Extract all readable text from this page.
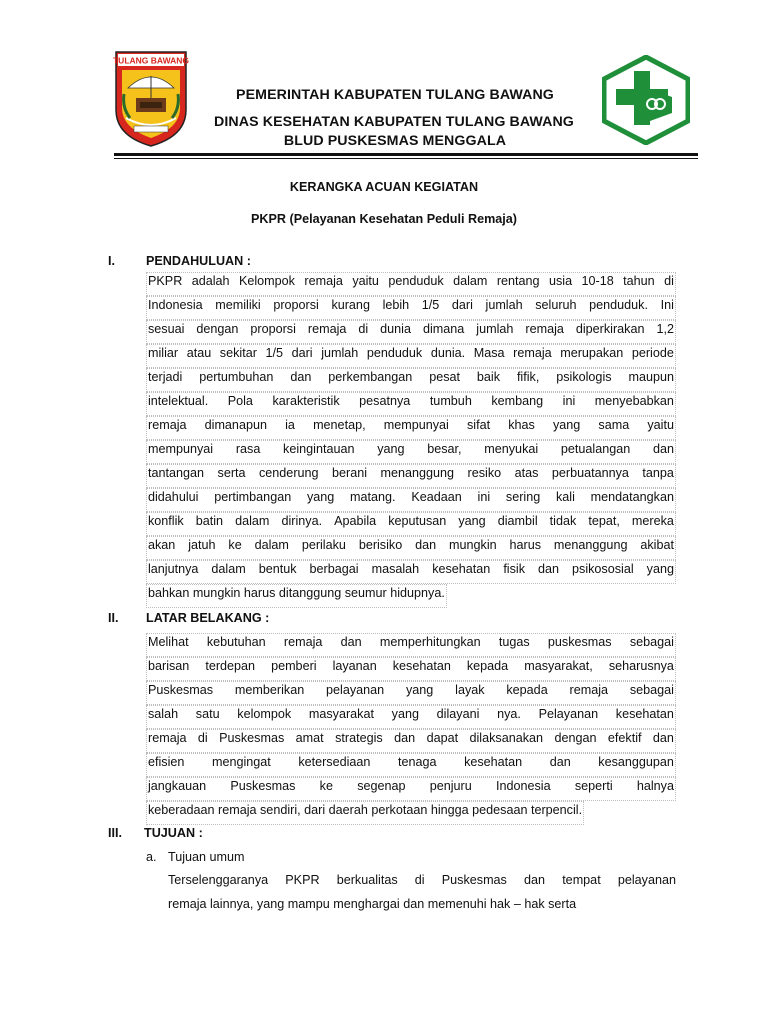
TULANG BAWANG
PEMERINTAH KABUPATEN TULANG BAWANG
DINAS KESEHATAN KABUPATEN TULANG BAWANG
BLUD PUSKESMAS MENGGALA
KERANGKA ACUAN KEGIATAN
PKPR (Pelayanan Kesehatan Peduli Remaja)
I. PENDAHULUAN :
PKPR adalah Kelompok remaja yaitu penduduk dalam rentang usia 10-18 tahun di
Indonesia memiliki proporsi kurang lebih 1/5 dari jumlah seluruh penduduk. Ini
sesuai dengan proporsi remaja di dunia dimana jumlah remaja diperkirakan 1,2
miliar atau sekitar 1/5 dari jumlah penduduk dunia. Masa remaja merupakan periode
terjadi pertumbuhan dan perkembangan pesat baik fifik, psikologis maupun
intelektual. Pola karakteristik pesatnya tumbuh kembang ini menyebabkan
remaja dimanapun ia menetap, mempunyai sifat khas yang sama yaitu
mempunyai rasa keingintauan yang besar, menyukai petualangan dan
tantangan serta cenderung berani menanggung resiko atas perbuatannya tanpa
didahului pertimbangan yang matang. Keadaan ini sering kali mendatangkan
konflik batin dalam dirinya. Apabila keputusan yang diambil tidak tepat, mereka
akan jatuh ke dalam perilaku berisiko dan mungkin harus menanggung akibat
lanjutnya dalam bentuk berbagai masalah kesehatan fisik dan psikososial yang
bahkan mungkin harus ditanggung seumur hidupnya.
II. LATAR BELAKANG :
Melihat kebutuhan remaja dan memperhitungkan tugas puskesmas sebagai
barisan terdepan pemberi layanan kesehatan kepada masyarakat, seharusnya
Puskesmas memberikan pelayanan yang layak kepada remaja sebagai
salah satu kelompok masyarakat yang dilayani nya. Pelayanan kesehatan
remaja di Puskesmas amat strategis dan dapat dilaksanakan dengan efektif dan
efisien mengingat ketersediaan tenaga kesehatan dan kesanggupan
jangkauan Puskesmas ke segenap penjuru Indonesia seperti halnya
keberadaan remaja sendiri, dari daerah perkotaan hingga pedesaan terpencil.
III. TUJUAN :
a. Tujuan umum
Terselenggaranya PKPR berkualitas di Puskesmas dan tempat pelayanan
remaja lainnya, yang mampu menghargai dan memenuhi hak – hak serta
